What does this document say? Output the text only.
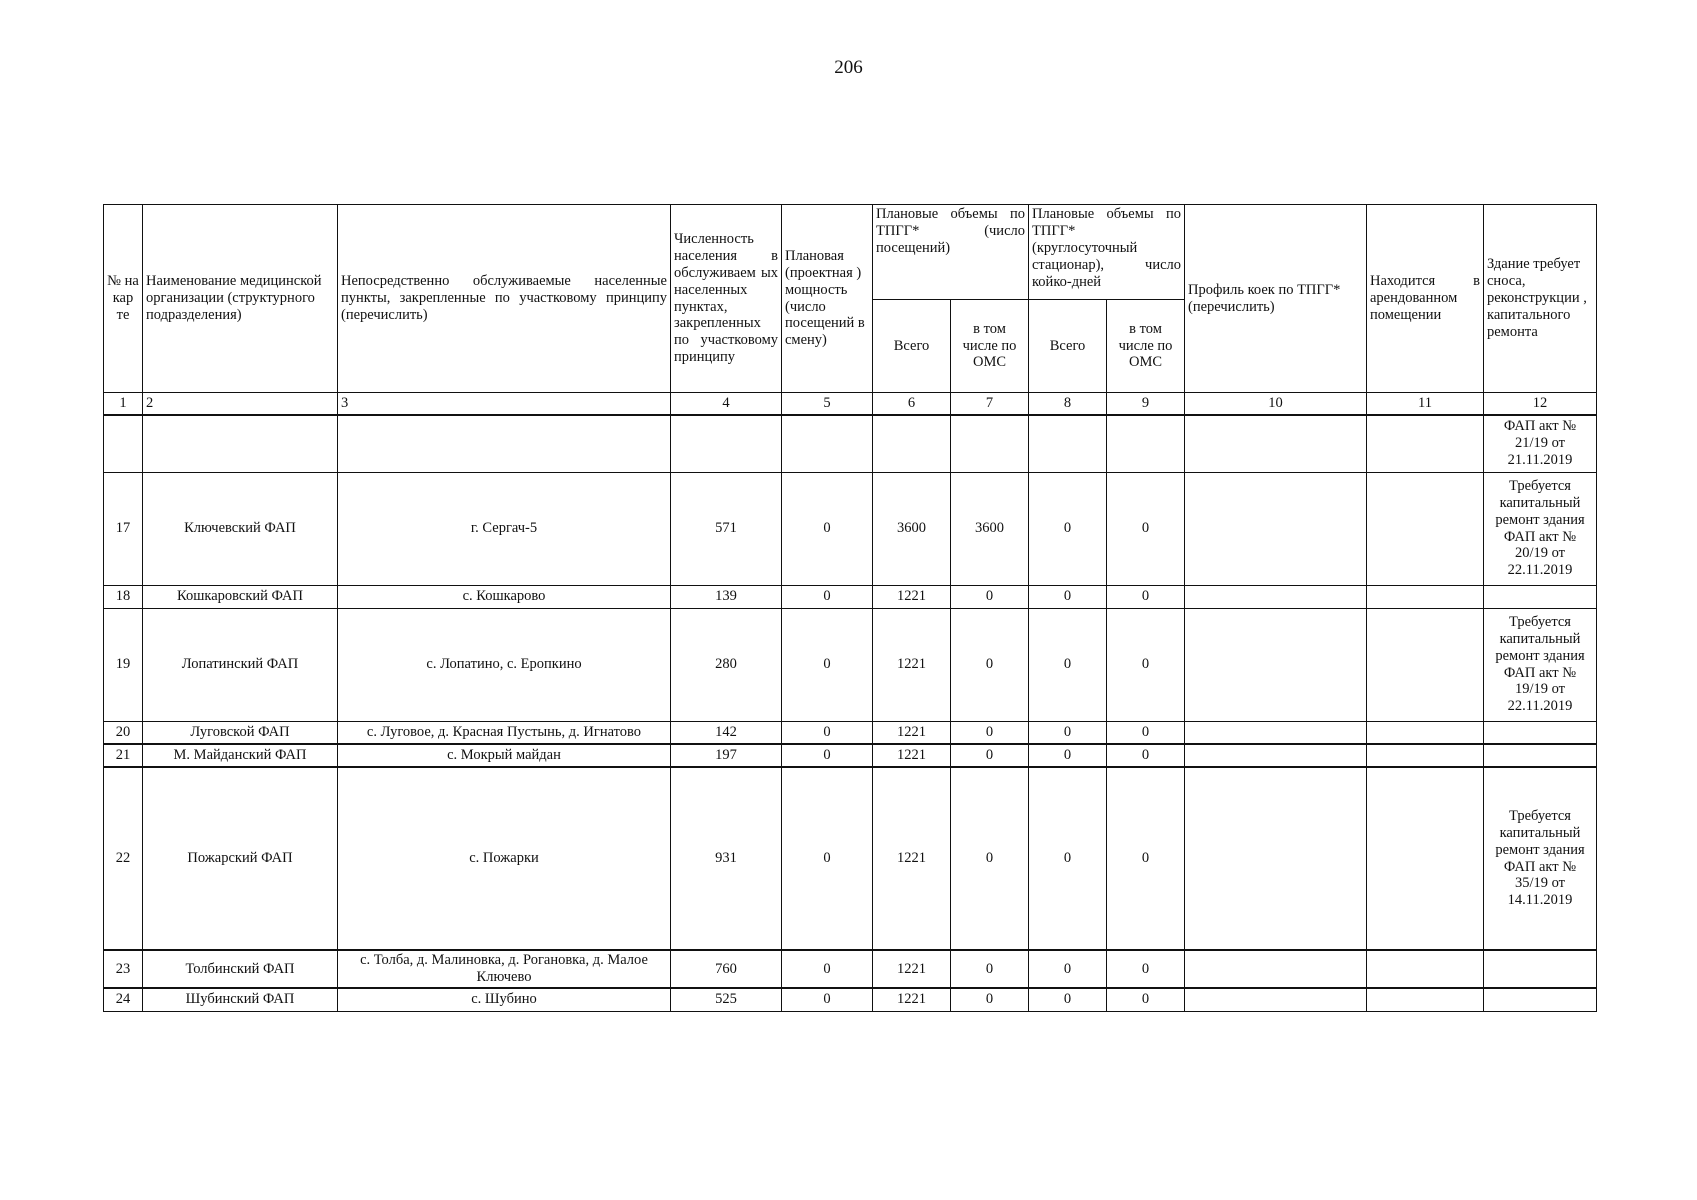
206
№ на кар те	Наименование медицинской организации (структурного подразделения)	Непосредственно обслуживаемые населенные пункты, закрепленные по участковому принципу (перечислить)	Численность населения в обслуживаем ых населенных пунктах, закрепленных по участковому принципу	Плановая (проектная ) мощность (число посещений в смену)	Плановые объемы по ТПГГ* (число посещений)		Плановые объемы по ТПГГ* (круглосуточный стационар), число койко-дней		Профиль коек по ТПГГ* (перечислить)	Находится в арендованном помещении	Здание требует сноса, реконструкции , капитального ремонта
					Всего	в том числе по ОМС	Всего	в том числе по ОМС			
1	2	3	4	5	6	7	8	9	10	11	12
											ФАП акт № 21/19 от 21.11.2019
17	Ключевский ФАП	г. Сергач-5	571	0	3600	3600	0	0			Требуется капитальный ремонт здания ФАП акт № 20/19 от 22.11.2019
18	Кошкаровский ФАП	с. Кошкарово	139	0	1221	0	0	0			
19	Лопатинский ФАП	с. Лопатино, с. Еропкино	280	0	1221	0	0	0			Требуется капитальный ремонт здания ФАП акт № 19/19 от 22.11.2019
20	Луговской ФАП	с. Луговое, д. Красная Пустынь, д. Игнатово	142	0	1221	0	0	0			
21	М. Майданский ФАП	с. Мокрый майдан	197	0	1221	0	0	0			
22	Пожарский ФАП	с. Пожарки	931	0	1221	0	0	0			Требуется капитальный ремонт здания ФАП акт № 35/19 от 14.11.2019
23	Толбинский ФАП	с. Толба, д. Малиновка, д. Рогановка, д. Малое Ключево	760	0	1221	0	0	0			
24	Шубинский ФАП	с. Шубино	525	0	1221	0	0	0			
